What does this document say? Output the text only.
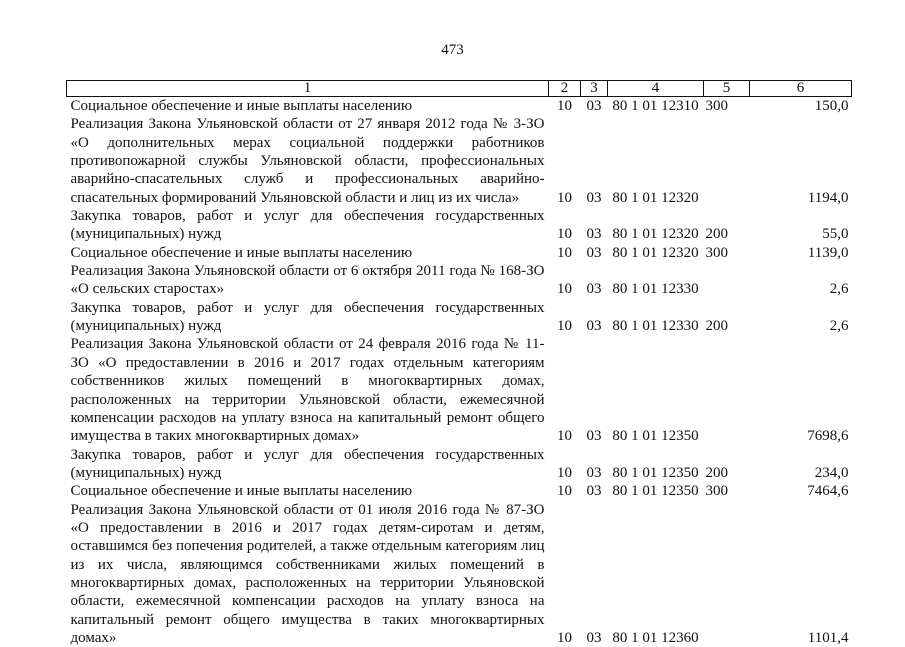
473
1	2	3	4	5	6
Социальное обеспечение и иные выплаты населению	10	03	80 1 01 12310	300	150,0
Реализация Закона Ульяновской области от 27 января 2012 года № 3-ЗО «О дополнительных мерах социальной поддержки работников противопожарной службы Ульяновской области, профессиональных аварийно-спасательных служб и профессиональных аварийно-спасательных формирований Ульяновской области и лиц из их числа»	10	03	80 1 01 12320		1194,0
Закупка товаров, работ и услуг для обеспечения государственных (муниципальных) нужд	10	03	80 1 01 12320	200	55,0
Социальное обеспечение и иные выплаты населению	10	03	80 1 01 12320	300	1139,0
Реализация Закона Ульяновской области от 6 октября 2011 года № 168-ЗО «О сельских старостах»	10	03	80 1 01 12330		2,6
Закупка товаров, работ и услуг для обеспечения государственных (муниципальных) нужд	10	03	80 1 01 12330	200	2,6
Реализация Закона Ульяновской области от 24 февраля 2016 года № 11-ЗО «О предоставлении в 2016 и 2017 годах отдельным категориям собственников жилых помещений в многоквартирных домах, расположенных на территории Ульяновской области, ежемесячной компенсации расходов на уплату взноса на капитальный ремонт общего имущества в таких многоквартирных домах»	10	03	80 1 01 12350		7698,6
Закупка товаров, работ и услуг для обеспечения государственных (муниципальных) нужд	10	03	80 1 01 12350	200	234,0
Социальное обеспечение и иные выплаты населению	10	03	80 1 01 12350	300	7464,6
Реализация Закона Ульяновской области от 01 июля 2016 года № 87-ЗО «О предоставлении в 2016 и 2017 годах детям-сиротам и детям, оставшимся без попечения родителей, а также отдельным категориям лиц из их числа, являющимся собственниками жилых помещений в многоквартирных домах, расположенных на территории Ульяновской области, ежемесячной компенсации расходов на уплату взноса на капитальный ремонт общего имущества в таких многоквартирных домах»	10	03	80 1 01 12360		1101,4
